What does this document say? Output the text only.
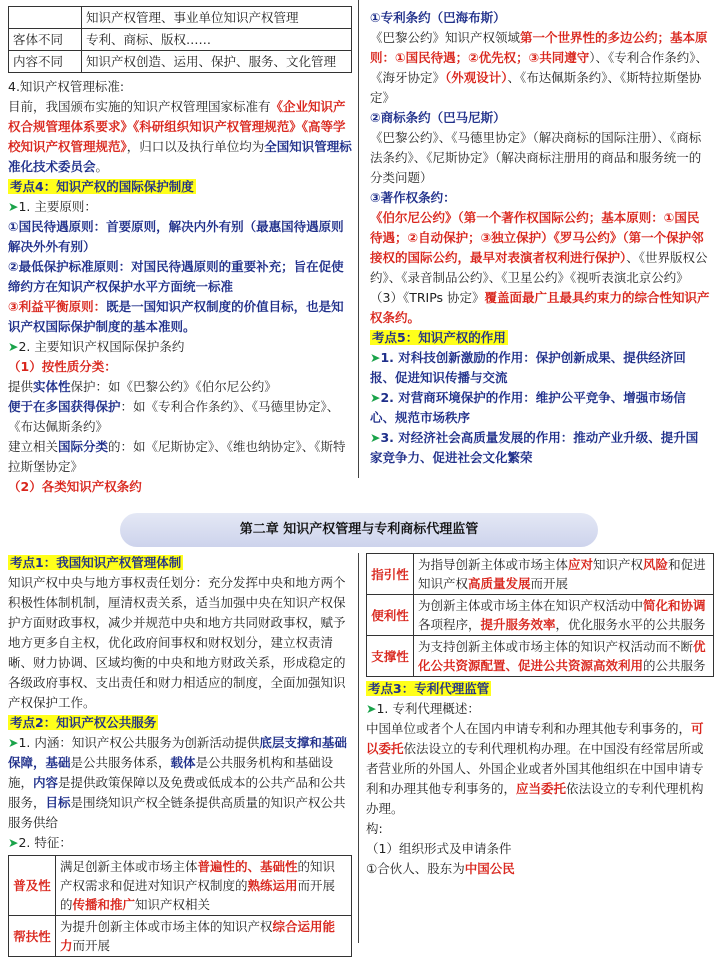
	知识产权管理、事业单位知识产权管理
客体不同	专利、商标、版权……
内容不同	知识产权创造、运用、保护、服务、文化管理

4.知识产权管理标准:

目前，我国颁布实施的知识产权管理国家标准有《企业知识产权合规管理体系要求》《科研组织知识产权管理规范》《高等学校知识产权管理规范》，归口以及执行单位均为全国知识管理标准化技术委员会。

考点4：知识产权的国际保护制度

➤1. 主要原则：

①国民待遇原则：首要原则，解决内外有别（最惠国待遇原则解决外外有别）

②最低保护标准原则：对国民待遇原则的重要补充；旨在促使缔约方在知识产权保护水平方面统一标准

③利益平衡原则：既是一国知识产权制度的价值目标，也是知识产权国际保护制度的基本准则。

➤2. 主要知识产权国际保护条约

（1）按性质分类：

提供实体性保护：如《巴黎公约》《伯尔尼公约》

便于在多国获得保护：如《专利合作条约》、《马德里协定》、《布达佩斯条约》

建立相关国际分类的：如《尼斯协定》、《维也纳协定》、《斯特拉斯堡协定》

（2）各类知识产权条约

①专利条约（巴海布斯）

《巴黎公约》知识产权领域第一个世界性的多边公约；基本原则：①国民待遇；②优先权；③共同遵守）、《专利合作条约》、《海牙协定》（外观设计）、《布达佩斯条约》、《斯特拉斯堡协定》

②商标条约（巴马尼斯）

《巴黎公约》、《马德里协定》（解决商标的国际注册）、《商标法条约》、《尼斯协定》（解决商标注册用的商品和服务统一的分类问题）

③著作权条约：

《伯尔尼公约》（第一个著作权国际公约；基本原则：①国民待遇；②自动保护；③独立保护）《罗马公约》（第一个保护邻接权的国际公约，最早对表演者权利进行保护）、《世界版权公约》、《录音制品公约》、《卫星公约》《视听表演北京公约》

（3）《TRIPs 协定》覆盖面最广且最具约束力的综合性知识产权条约。

考点5：知识产权的作用

➤1. 对科技创新激励的作用：保护创新成果、提供经济回报、促进知识传播与交流

➤2. 对营商环境保护的作用：维护公平竞争、增强市场信心、规范市场秩序

➤3. 对经济社会高质量发展的作用：推动产业升级、提升国家竞争力、促进社会文化繁荣

第二章 知识产权管理与专利商标代理监管

考点1：我国知识产权管理体制

知识产权中央与地方事权责任划分：充分发挥中央和地方两个积极性体制机制，厘清权责关系，适当加强中央在知识产权保护方面财政事权，减少并规范中央和地方共同财政事权，赋予地方更多自主权，优化政府间事权和财权划分，建立权责清晰、财力协调、区域均衡的中央和地方财政关系，形成稳定的各级政府事权、支出责任和财力相适应的制度，全面加强知识产权保护工作。

考点2：知识产权公共服务

➤1. 内涵：知识产权公共服务为创新活动提供底层支撑和基础保障，基础是公共服务体系，载体是公共服务机构和基础设施，内容是提供政策保障以及免费或低成本的公共产品和公共服务，目标是围绕知识产权全链条提供高质量的知识产权公共服务供给

➤2. 特征：

普及性	满足创新主体或市场主体普遍性的、基础性的知识产权需求和促进对知识产权制度的熟练运用而开展的传播和推广知识产权相关
帮扶性	为提升创新主体或市场主体的知识产权综合运用能力而开展
指引性	为指导创新主体或市场主体应对知识产权风险和促进知识产权高质量发展而开展
便利性	为创新主体或市场主体在知识产权活动中简化和协调各项程序，提升服务效率，优化服务水平的公共服务
支撑性	为支持创新主体或市场主体的知识产权活动而不断优化公共资源配置、促进公共资源高效利用的公共服务

考点3：专利代理监管

➤1. 专利代理概述：

中国单位或者个人在国内申请专利和办理其他专利事务的，可以委托依法设立的专利代理机构办理。在中国没有经常居所或者营业所的外国人、外国企业或者外国其他组织在中国申请专利和办理其他专利事务的，应当委托依法设立的专利代理机构办理。

构:

（1）组织形式及申请条件

①合伙人、股东为中国公民
